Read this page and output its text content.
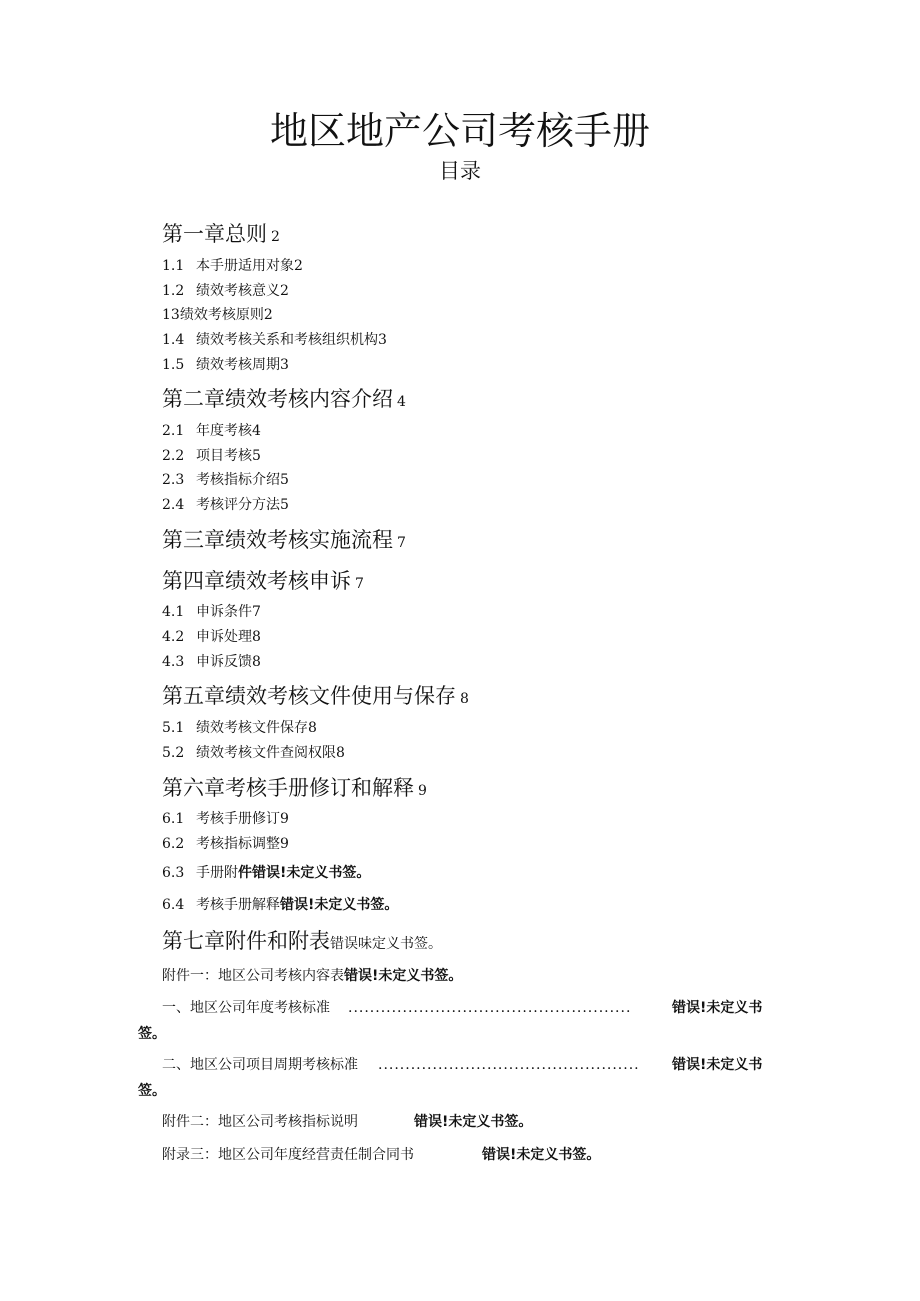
地区地产公司考核手册
目录
第一章总则 2
1.1 本手册适用对象2
1.2 绩效考核意义2
13绩效考核原则2
1.4 绩效考核关系和考核组织机构3
1.5 绩效考核周期3
第二章绩效考核内容介绍 4
2.1 年度考核4
2.2 项目考核5
2.3 考核指标介绍5
2.4 考核评分方法5
第三章绩效考核实施流程 7
第四章绩效考核申诉 7
4.1 申诉条件7
4.2 申诉处理8
4.3 申诉反馈8
第五章绩效考核文件使用与保存 8
5.1 绩效考核文件保存8
5.2 绩效考核文件查阅权限8
第六章考核手册修订和解释 9
6.1 考核手册修订9
6.2 考核指标调整9
6.3 手册附件错误!未定义书签。
6.4 考核手册解释错误!未定义书签。
第七章附件和附表错误味定义书签。
附件一：地区公司考核内容表错误!未定义书签。
一、地区公司年度考核标准 ....................................................	错误!未定义书
签。
二、地区公司项目周期考核标准 ................................................	错误!未定义书
签。
附件二：地区公司考核指标说明	错误!未定义书签。
附录三：地区公司年度经营责任制合同书	错误!未定义书签。
